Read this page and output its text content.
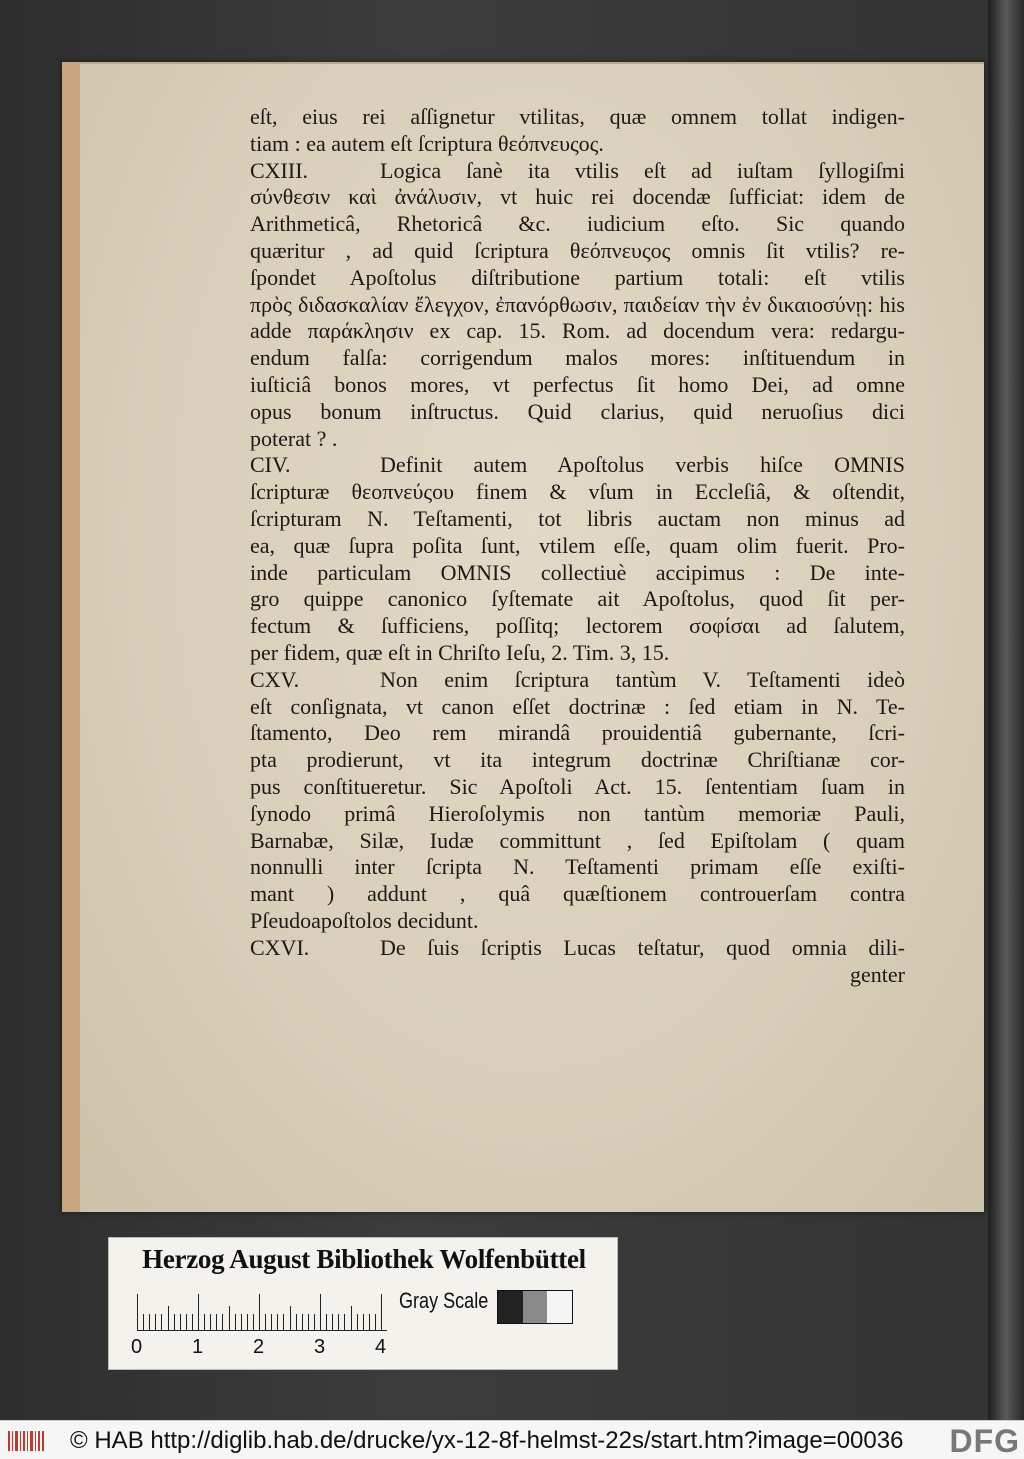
eſt, eius rei aſſignetur vtilitas, quæ omnem tollat indigen-
tiam : ea autem eſt ſcriptura θεόπνευςος.
CXIII.	Logica ſanè ita vtilis eſt ad iuſtam ſyllogiſmi
σύνθεσιν καὶ ἀνάλυσιν, vt huic rei docendæ ſufficiat: idem de
Arithmeticâ, Rhetoricâ &c. iudicium eſto. Sic quando
quæritur , ad quid ſcriptura θεόπνευςος omnis ſit vtilis? re-
ſpondet Apoſtolus diſtributione partium totali: eſt vtilis
πρὸς διδασκαλίαν ἔλεγχον, ἐπανόρθωσιν, παιδείαν τὴν ἐν δικαιοσύνῃ: his
adde παράκλησιν ex cap. 15. Rom. ad docendum vera: redargu-
endum falſa: corrigendum malos mores: inſtituendum in
iuſticiâ bonos mores, vt perfectus ſit homo Dei, ad omne
opus bonum inſtructus. Quid clarius, quid neruoſius dici
poterat ? .
CIV.	Definit autem Apoſtolus verbis hiſce OMNIS
ſcripturæ θεοπνεύςου finem & vſum in Eccleſiâ, & oſtendit,
ſcripturam N. Teſtamenti, tot libris auctam non minus ad
ea, quæ ſupra poſita ſunt, vtilem eſſe, quam olim fuerit. Pro-
inde particulam OMNIS collectiuè accipimus : De inte-
gro quippe canonico ſyſtemate ait Apoſtolus, quod ſit per-
fectum & ſufficiens, poſſitq; lectorem σοφίσαι ad ſalutem,
per fidem, quæ eſt in Chriſto Ieſu, 2. Tim. 3, 15.
CXV.	Non enim ſcriptura tantùm V. Teſtamenti ideò
eſt conſignata, vt canon eſſet doctrinæ : ſed etiam in N. Te-
ſtamento, Deo rem mirandâ prouidentiâ gubernante, ſcri-
pta prodierunt, vt ita integrum doctrinæ Chriſtianæ cor-
pus conſtitueretur. Sic Apoſtoli Act. 15. ſententiam ſuam in
ſynodo primâ Hieroſolymis non tantùm memoriæ Pauli,
Barnabæ, Silæ, Iudæ committunt , ſed Epiſtolam ( quam
nonnulli inter ſcripta N. Teſtamenti primam eſſe exiſti-
mant ) addunt , quâ quæſtionem controuerſam contra
Pſeudoapoſtolos decidunt.
CXVI.	De ſuis ſcriptis Lucas teſtatur, quod omnia dili-
genter
Herzog August Bibliothek Wolfenbüttel
Gray Scale
0 1 2 3 4
© HAB http://diglib.hab.de/drucke/yx-12-8f-helmst-22s/start.htm?image=00036 DFG
